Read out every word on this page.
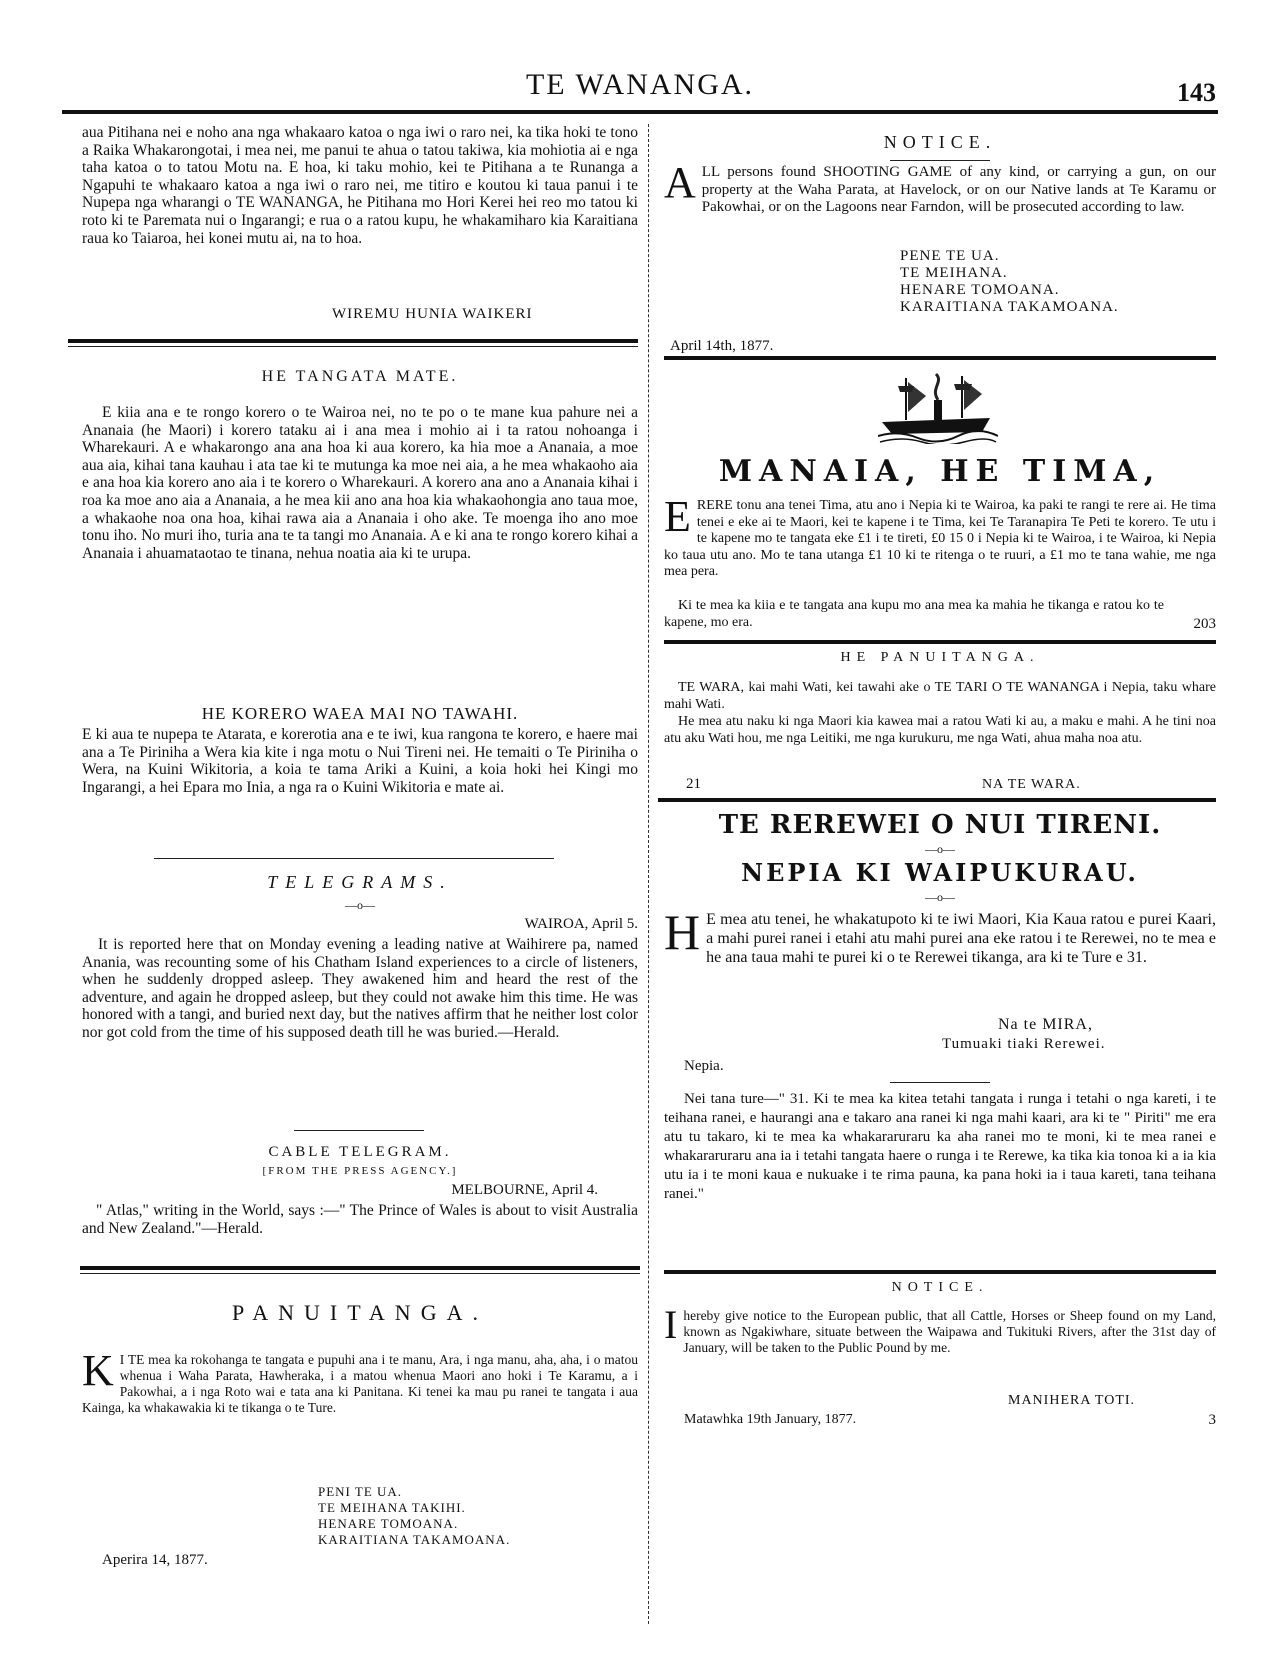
TE WANANGA.	143

aua Pitihana nei e noho ana nga whakaaro katoa o nga iwi o raro nei, ka tika hoki te tono a Raika Whakarongotai, i mea nei, me panui te ahua o tatou takiwa, kia mohiotia ai e nga taha katoa o to tatou Motu na. E hoa, ki taku mohio, kei te Pitihana a te Runanga a Ngapuhi te whakaaro katoa a nga iwi o raro nei, me titiro e koutou ki taua panui i te Nupepa nga wharangi o TE WANANGA, he Pitihana mo Hori Kerei hei reo mo tatou ki roto ki te Paremata nui o Ingarangi; e rua o a ratou kupu, he whakamiharo kia Karaitiana raua ko Taiaroa, hei konei mutu ai, na to hoa.

WIREMU HUNIA WAIKERI
HE TANGATA MATE.

E kiia ana e te rongo korero o te Wairoa nei, no te po o te mane kua pahure nei a Ananaia (he Maori) i korero tataku ai i ana mea i mohio ai i ta ratou nohoanga i Wharekauri. A e whakarongo ana ana hoa ki aua korero, ka hia moe a Ananaia, a moe aua aia, kihai tana kauhau i ata tae ki te mutunga ka moe nei aia, a he mea whakaoho aia e ana hoa kia korero ano aia i te korero o Wharekauri. A korero ana ano a Ananaia kihai i roa ka moe ano aia a Ananaia, a he mea kii ano ana hoa kia whakaohongia ano taua moe, a whakaohe noa ona hoa, kihai rawa aia a Ananaia i oho ake. Te moenga iho ano moe tonu iho. No muri iho, turia ana te ta tangi mo Ananaia. A e ki ana te rongo korero kihai a Ananaia i ahuamataotao te tinana, nehua noatia aia ki te urupa.

HE KORERO WAEA MAI NO TAWAHI.

E ki aua te nupepa te Atarata, e korerotia ana e te iwi, kua rangona te korero, e haere mai ana a Te Piriniha a Wera kia kite i nga motu o Nui Tireni nei. He temaiti o Te Piriniha o Wera, na Kuini Wikitoria, a koia te tama Ariki a Kuini, a koia hoki hei Kingi mo Ingarangi, a hei Epara mo Inia, a nga ra o Kuini Wikitoria e mate ai.

TELEGRAMS.
—o—
WAIROA, April 5.

It is reported here that on Monday evening a leading native at Waihirere pa, named Anania, was recounting some of his Chatham Island experiences to a circle of listeners, when he suddenly dropped asleep. They awakened him and heard the rest of the adventure, and again he dropped asleep, but they could not awake him this time. He was honored with a tangi, and buried next day, but the natives affirm that he neither lost color nor got cold from the time of his supposed death till he was buried.—Herald.

CABLE TELEGRAM.
[FROM THE PRESS AGENCY.]
MELBOURNE, April 4.

" Atlas," writing in the World, says :—" The Prince of Wales is about to visit Australia and New Zealand."—Herald.

PANUITANGA.
K I TE mea ka rokohanga te tangata e pupuhi ana i te manu, Ara, i nga manu, aha, aha, i o matou whenua i Waha Parata, Hawheraka, i a matou whenua Maori ano hoki i Te Karamu, a i Pakowhai, a i nga Roto wai e tata ana ki Panitana. Ki tenei ka mau pu ranei te tangata i aua Kainga, ka whakawakia ki te tikanga o te Ture.
PENI TE UA.
TE MEIHANA TAKIHI.
HENARE TOMOANA.
KARAITIANA TAKAMOANA.
Aperira 14, 1877.
NOTICE.
A LL persons found SHOOTING GAME of any kind, or carrying a gun, on our property at the Waha Parata, at Havelock, or on our Native lands at Te Karamu or Pakowhai, or on the Lagoons near Farndon, will be prosecuted according to law.
PENE TE UA.
TE MEIHANA.
HENARE TOMOANA.
KARAITIANA TAKAMOANA.
April 14th, 1877.
MANAIA, HE TIMA,
E RERE tonu ana tenei Tima, atu ano i Nepia ki te Wairoa, ka paki te rangi te rere ai. He tima tenei e eke ai te Maori, kei te kapene i te Tima, kei Te Taranapira Te Peti te korero. Te utu i te kapene mo te tangata eke £1 i te tireti, £0 15 0 i Nepia ki te Wairoa, i te Wairoa, ki Nepia ko taua utu ano. Mo te tana utanga £1 10 ki te ritenga o te ruuri, a £1 mo te tana wahie, me nga mea pera.

Ki te mea ka kiia e te tangata ana kupu mo ana mea ka mahia he tikanga e ratou ko te kapene, mo era.	203
HE PANUITANGA.

TE WARA, kai mahi Wati, kei tawahi ake o TE TARI O TE WANANGA i Nepia, taku whare mahi Wati.

He mea atu naku ki nga Maori kia kawea mai a ratou Wati ki au, a maku e mahi. A he tini noa atu aku Wati hou, me nga Leitiki, me nga kurukuru, me nga Wati, ahua maha noa atu.

21	NA TE WARA.
TE REREWEI O NUI TIRENI.
—o—
NEPIA KI WAIPUKURAU.
—o—
H E mea atu tenei, he whakatupoto ki te iwi Maori, Kia Kaua ratou e purei Kaari, a mahi purei ranei i etahi atu mahi purei ana eke ratou i te Rerewei, no te mea e he ana taua mahi te purei ki o te Rerewei tikanga, ara ki te Ture e 31.
Na te MIRA,
Tumuaki tiaki Rerewei.
Nepia.

Nei tana ture—" 31. Ki te mea ka kitea tetahi tangata i runga i tetahi o nga kareti, i te teihana ranei, e haurangi ana e takaro ana ranei ki nga mahi kaari, ara ki te " Piriti" me era atu tu takaro, ki te mea ka whakararuraru ka aha ranei mo te moni, ki te mea ranei e whakararuraru ana ia i tetahi tangata haere o runga i te Rerewe, ka tika kia tonoa ki a ia kia utu ia i te moni kaua e nukuake i te rima pauna, ka pana hoki ia i taua kareti, tana teihana ranei."

NOTICE.
I hereby give notice to the European public, that all Cattle, Horses or Sheep found on my Land, known as Ngakiwhare, situate between the Waipawa and Tukituki Rivers, after the 31st day of January, will be taken to the Public Pound by me.
MANIHERA TOTI.
Matawhka 19th January, 1877.	3
